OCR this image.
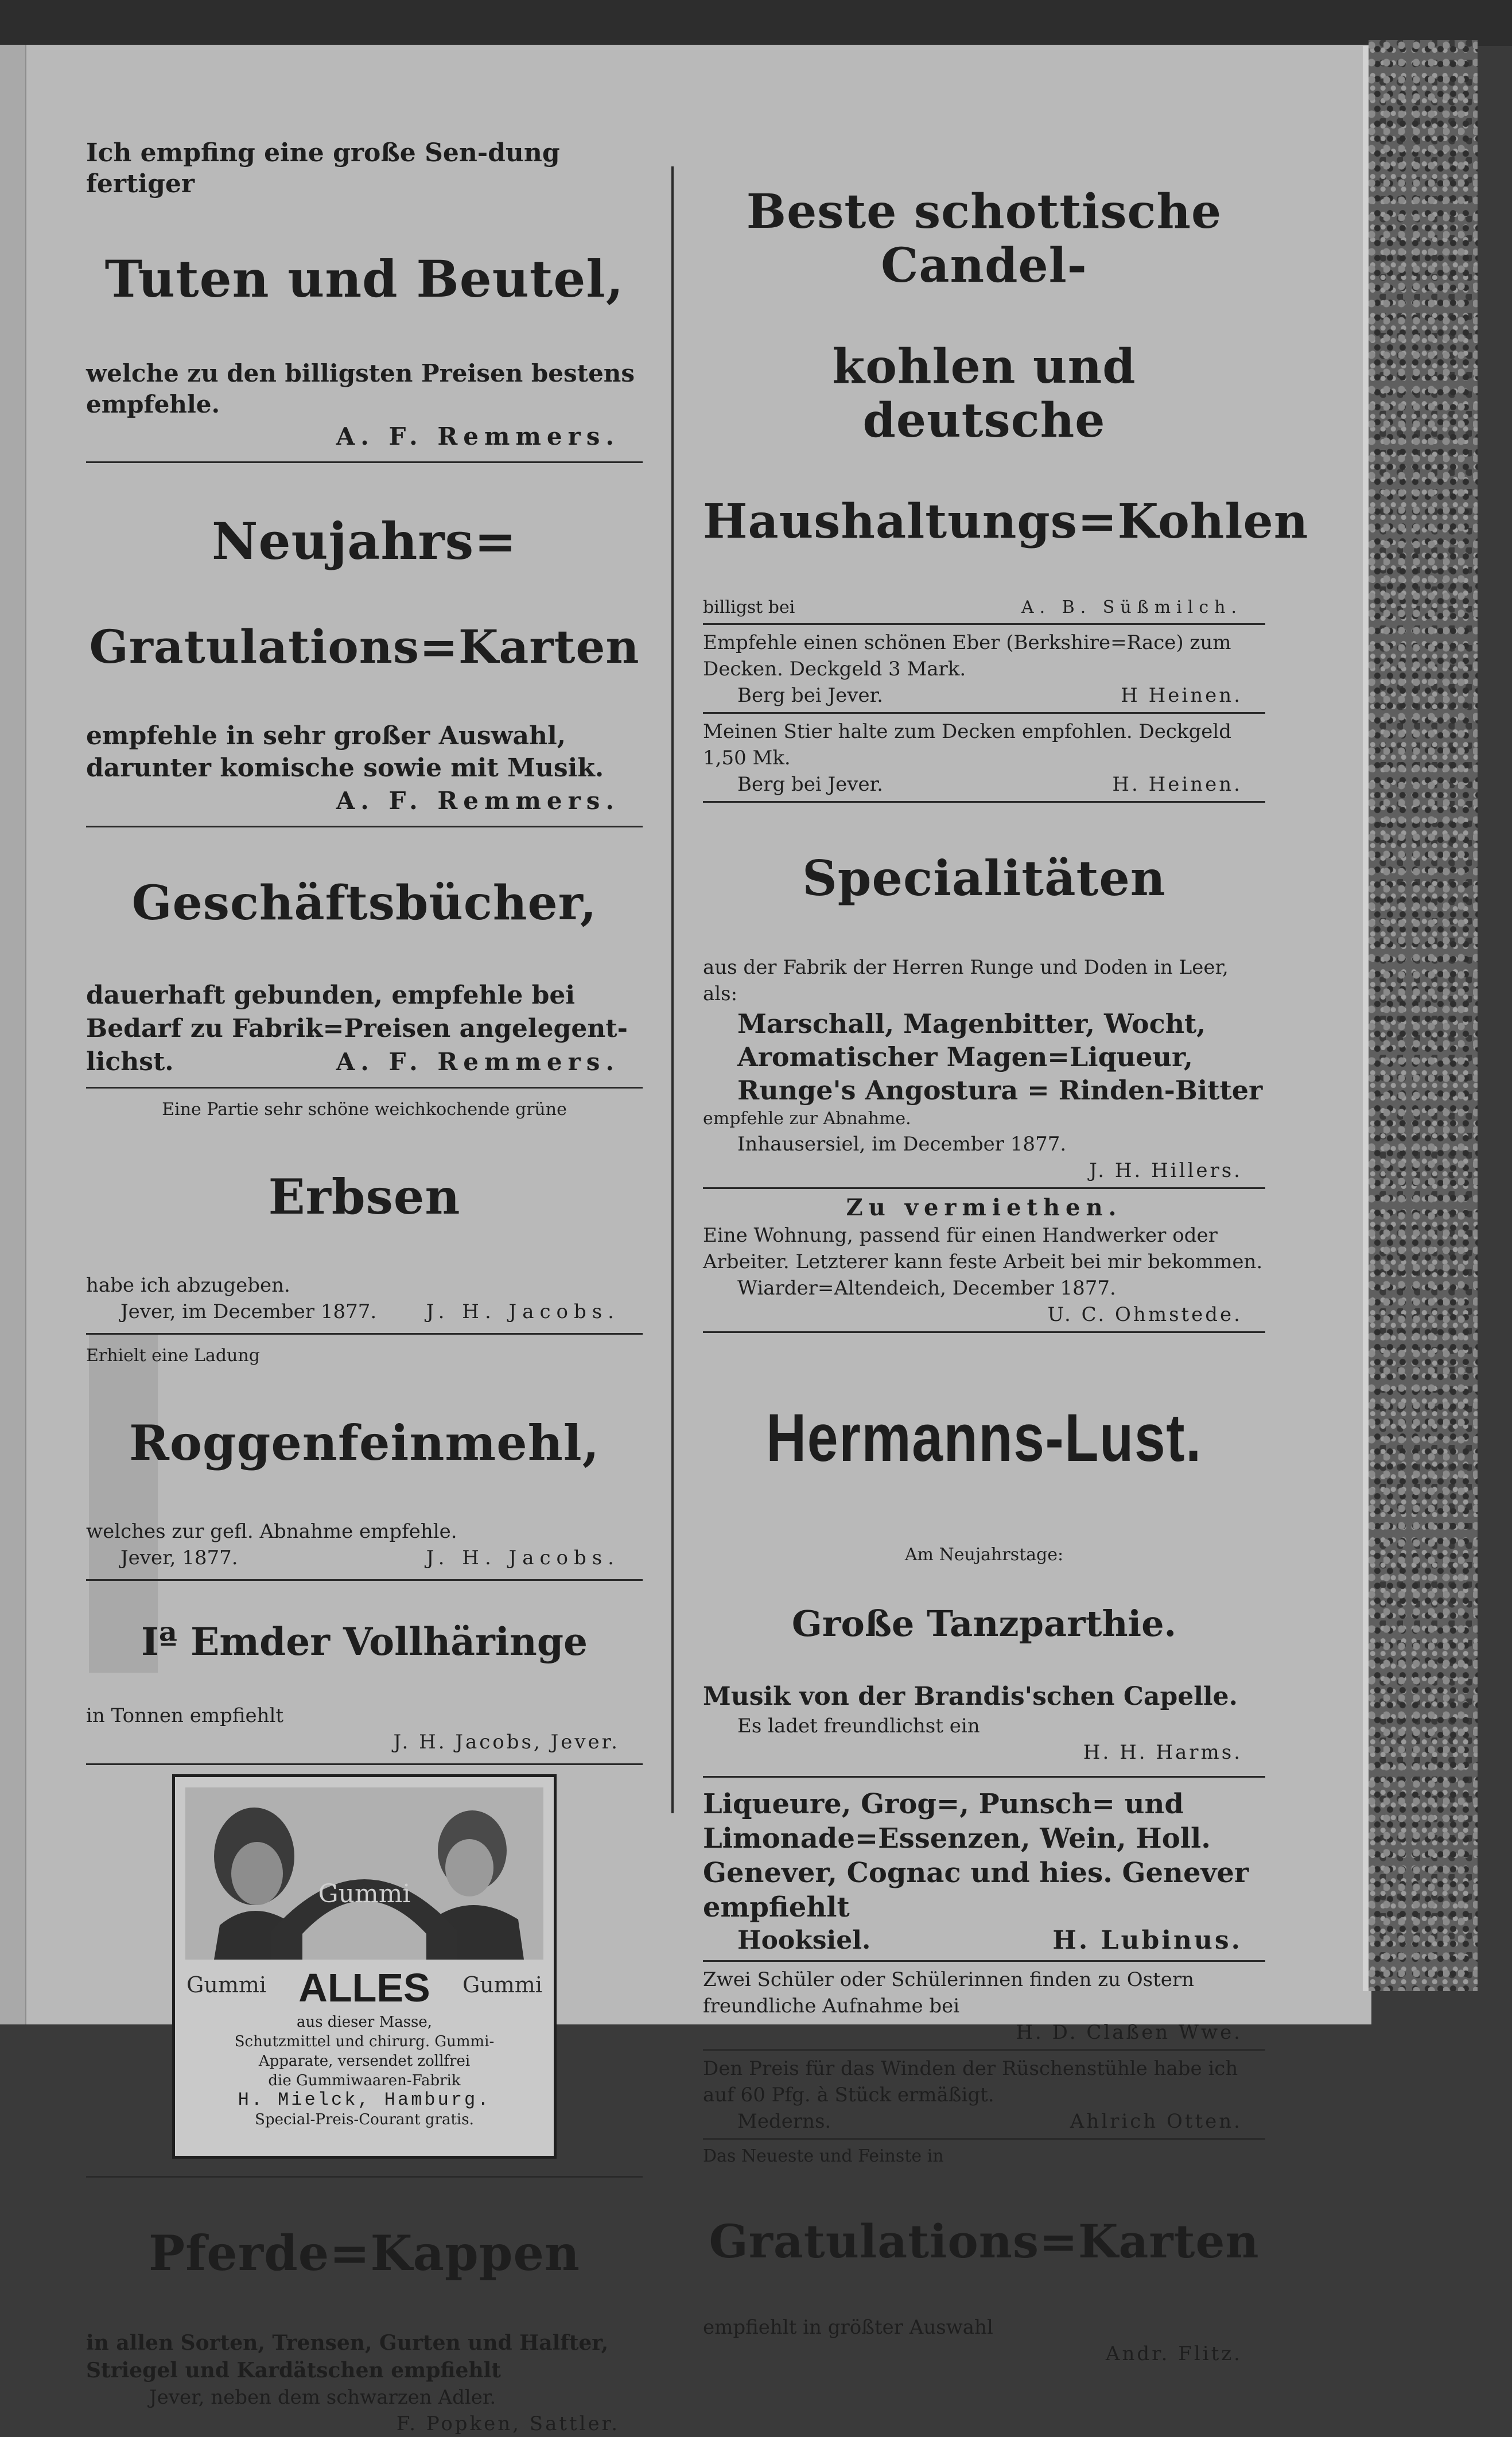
Ich empfing eine große Sen-dung fertiger

Tuten und Beutel,

welche zu den billigsten Preisen bestens empfehle.

A. F. Remmers.

Neujahrs=

Gratulations=Karten

empfehle in sehr großer Auswahl, darunter komische sowie mit Musik.

A. F. Remmers.

Geschäftsbücher,

dauerhaft gebunden, empfehle bei Bedarf zu Fabrik=Preisen angelegent-lichst.	A. F. Remmers.

Eine Partie sehr schöne weichkochende grüne

Erbsen

habe ich abzugeben.

Jever, im December 1877.	J. H. Jacobs.

Erhielt eine Ladung

Roggenfeinmehl,

welches zur gefl. Abnahme empfehle.

Jever, 1877.	J. H. Jacobs.

Iª Emder Vollhäringe

in Tonnen empfiehlt

J. H. Jacobs, Jever.

Gummi
Gummi	Gummi
ALLES
aus dieser Masse,
Schutzmittel und chirurg. Gummi-
Apparate, versendet zollfrei
die Gummiwaaren-Fabrik
H. Mielck, Hamburg.
Special-Preis-Courant gratis.

Pferde=Kappen

in allen Sorten, Trensen, Gurten und Halfter, Striegel und Kardätschen empfiehlt

Jever, neben dem schwarzen Adler.

F. Popken, Sattler.

Beste schottische Candel-

kohlen und deutsche

Haushaltungs=Kohlen

billigst bei	A. B. Süßmilch.

Empfehle einen schönen Eber (Berkshire=Race) zum Decken. Deckgeld 3 Mark.

Berg bei Jever.	H Heinen.

Meinen Stier halte zum Decken empfohlen. Deckgeld 1,50 Mk.

Berg bei Jever.	H. Heinen.

Specialitäten

aus der Fabrik der Herren Runge und Doden in Leer, als:

Marschall, Magenbitter, Wocht, Aromatischer Magen=Liqueur, Runge's Angostura = Rinden-Bitter

empfehle zur Abnahme.

Inhausersiel, im December 1877.

J. H. Hillers.

Zu vermiethen.

Eine Wohnung, passend für einen Handwerker oder Arbeiter. Letzterer kann feste Arbeit bei mir bekommen.

Wiarder=Altendeich, December 1877.

U. C. Ohmstede.

Hermanns-Lust.

Am Neujahrstage:

Große Tanzparthie.

Musik von der Brandis'schen Capelle.

Es ladet freundlichst ein

H. H. Harms.

Liqueure, Grog=, Punsch= und Limonade=Essenzen, Wein, Holl. Genever, Cognac und hies. Genever empfiehlt

Hooksiel.	H. Lubinus.

Zwei Schüler oder Schülerinnen finden zu Ostern freundliche Aufnahme bei

H. D. Claßen Wwe.

Den Preis für das Winden der Rüschenstühle habe ich auf 60 Pfg. à Stück ermäßigt.

Mederns.	Ahlrich Otten.

Das Neueste und Feinste in

Gratulations=Karten

empfiehlt in größter Auswahl

Andr. Flitz.
